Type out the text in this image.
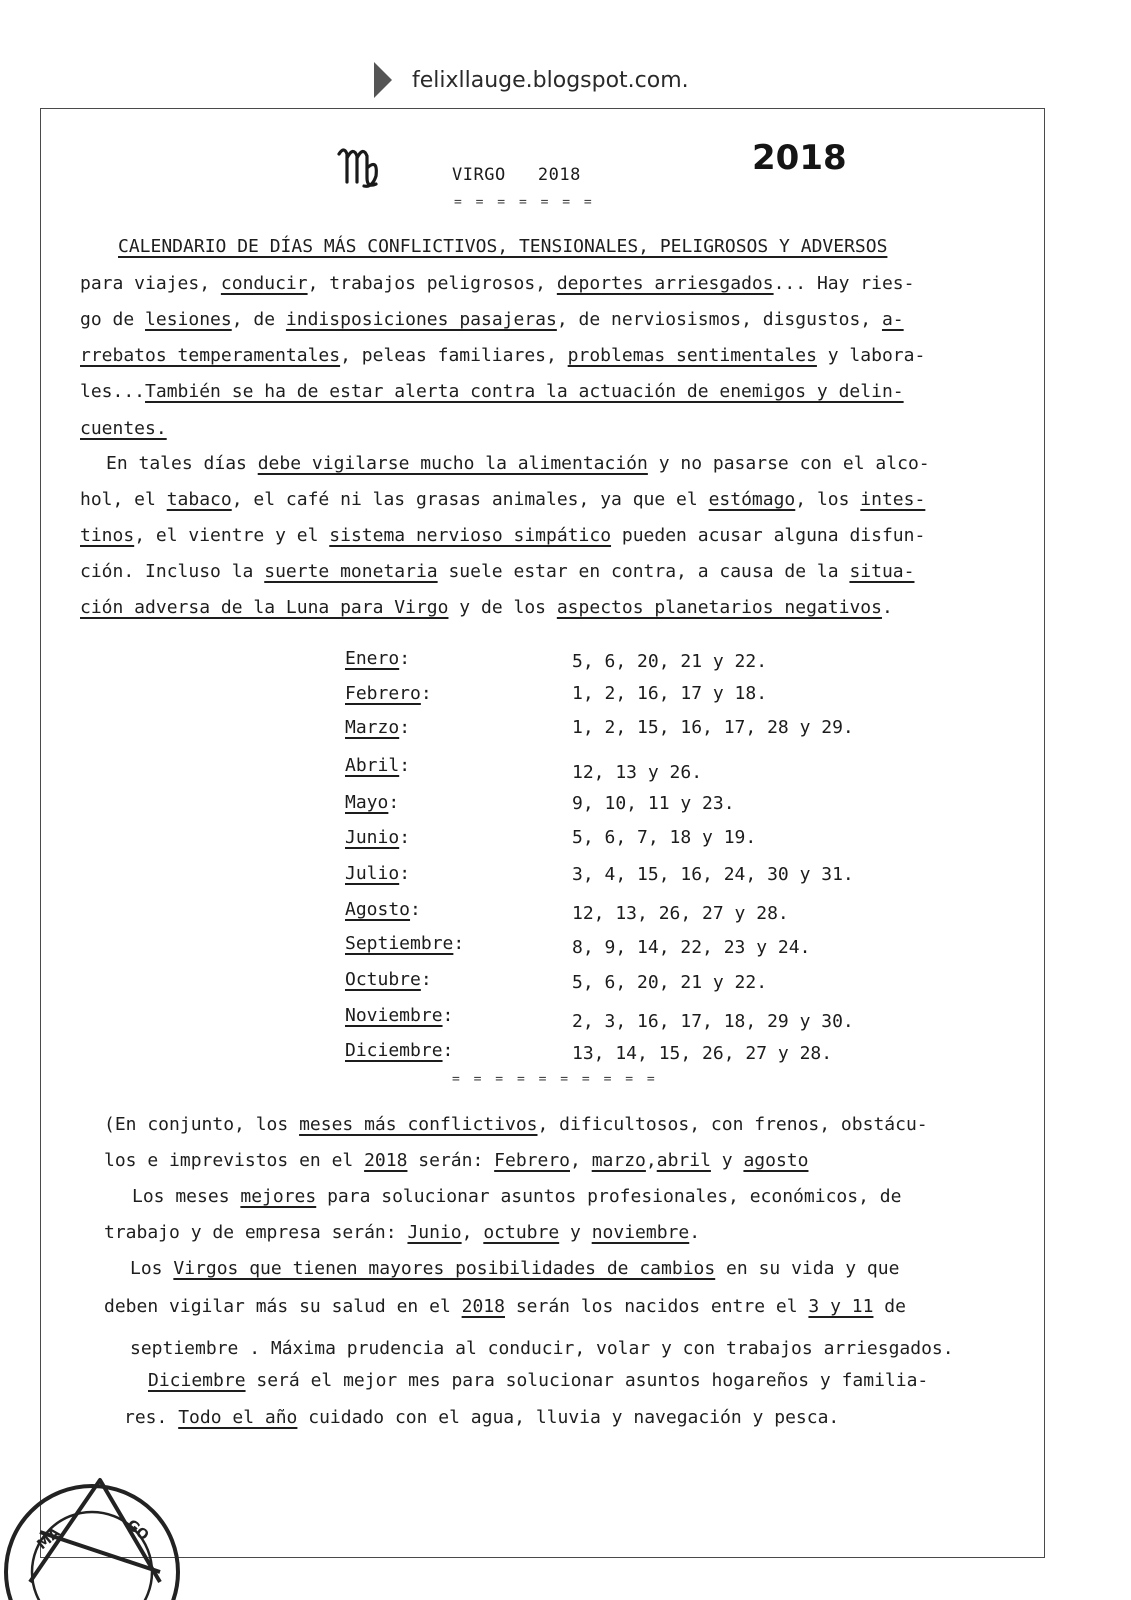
felixllauge.blogspot.com.
VIRGO 2018
= = = = = = =
2018
CALENDARIO DE DÍAS MÁS CONFLICTIVOS, TENSIONALES, PELIGROSOS Y ADVERSOS
para viajes, conducir, trabajos peligrosos, deportes arriesgados... Hay ries-
go de lesiones, de indisposiciones pasajeras, de nerviosismos, disgustos, a-
rrebatos temperamentales, peleas familiares, problemas sentimentales y labora-
les...También se ha de estar alerta contra la actuación de enemigos y delin-
cuentes.
En tales días debe vigilarse mucho la alimentación y no pasarse con el alco-
hol, el tabaco, el café ni las grasas animales, ya que el estómago, los intes-
tinos, el vientre y el sistema nervioso simpático pueden acusar alguna disfun-
ción. Incluso la suerte monetaria suele estar en contra, a causa de la situa-
ción adversa de la Luna para Virgo y de los aspectos planetarios negativos.
Enero:	5, 6, 20, 21 y 22.
Febrero:	1, 2, 16, 17 y 18.
Marzo:	1, 2, 15, 16, 17, 28 y 29.
Abril:	12, 13 y 26.
Mayo:	9, 10, 11 y 23.
Junio:	5, 6, 7, 18 y 19.
Julio:	3, 4, 15, 16, 24, 30 y 31.
Agosto:	12, 13, 26, 27 y 28.
Septiembre:	8, 9, 14, 22, 23 y 24.
Octubre:	5, 6, 20, 21 y 22.
Noviembre:	2, 3, 16, 17, 18, 29 y 30.
Diciembre:	13, 14, 15, 26, 27 y 28.
= = = = = = = = = =
(En conjunto, los meses más conflictivos, dificultosos, con frenos, obstácu-
los e imprevistos en el 2018 serán: Febrero, marzo,abril y agosto
Los meses mejores para solucionar asuntos profesionales, económicos, de
trabajo y de empresa serán: Junio, octubre y noviembre.
Los Virgos que tienen mayores posibilidades de cambios en su vida y que
deben vigilar más su salud en el 2018 serán los nacidos entre el 3 y 11 de
septiembre . Máxima prudencia al conducir, volar y con trabajos arriesgados.
Diciembre será el mejor mes para solucionar asuntos hogareños y familia-
res. Todo el año cuidado con el agua, lluvia y navegación y pesca.
MA	GO
